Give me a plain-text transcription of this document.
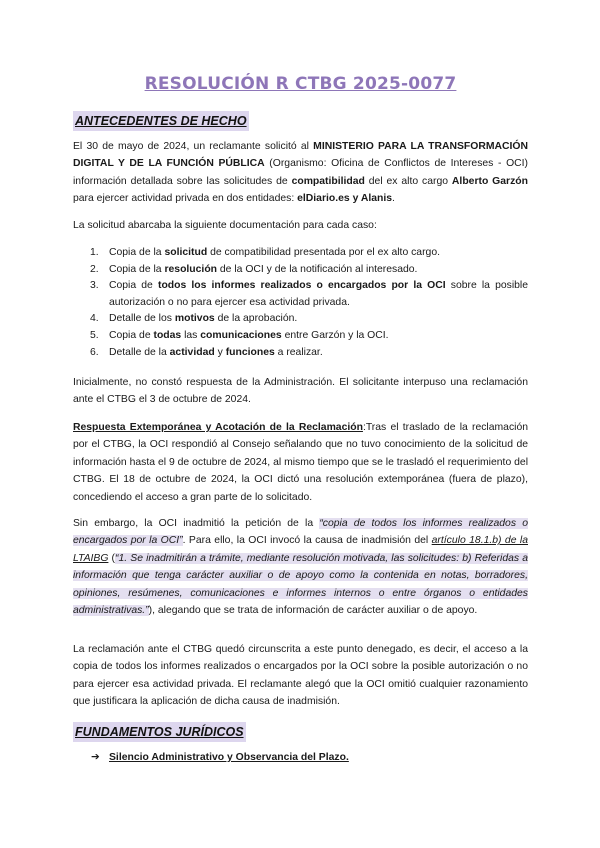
RESOLUCIÓN R CTBG 2025-0077
ANTECEDENTES DE HECHO
El 30 de mayo de 2024, un reclamante solicitó al MINISTERIO PARA LA TRANSFORMACIÓN DIGITAL Y DE LA FUNCIÓN PÚBLICA (Organismo: Oficina de Conflictos de Intereses - OCI) información detallada sobre las solicitudes de compatibilidad del ex alto cargo Alberto Garzón para ejercer actividad privada en dos entidades: elDiario.es y Alanis.
La solicitud abarcaba la siguiente documentación para cada caso:
1. Copia de la solicitud de compatibilidad presentada por el ex alto cargo.
2. Copia de la resolución de la OCI y de la notificación al interesado.
3. Copia de todos los informes realizados o encargados por la OCI sobre la posible autorización o no para ejercer esa actividad privada.
4. Detalle de los motivos de la aprobación.
5. Copia de todas las comunicaciones entre Garzón y la OCI.
6. Detalle de la actividad y funciones a realizar.
Inicialmente, no constó respuesta de la Administración. El solicitante interpuso una reclamación ante el CTBG el 3 de octubre de 2024.
Respuesta Extemporánea y Acotación de la Reclamación:Tras el traslado de la reclamación por el CTBG, la OCI respondió al Consejo señalando que no tuvo conocimiento de la solicitud de información hasta el 9 de octubre de 2024, al mismo tiempo que se le trasladó el requerimiento del CTBG. El 18 de octubre de 2024, la OCI dictó una resolución extemporánea (fuera de plazo), concediendo el acceso a gran parte de lo solicitado.
Sin embargo, la OCI inadmitió la petición de la “copia de todos los informes realizados o encargados por la OCI”. Para ello, la OCI invocó la causa de inadmisión del artículo 18.1.b) de la LTAIBG (“1. Se inadmitirán a trámite, mediante resolución motivada, las solicitudes: b) Referidas a información que tenga carácter auxiliar o de apoyo como la contenida en notas, borradores, opiniones, resúmenes, comunicaciones e informes internos o entre órganos o entidades administrativas.”), alegando que se trata de información de carácter auxiliar o de apoyo.
La reclamación ante el CTBG quedó circunscrita a este punto denegado, es decir, el acceso a la copia de todos los informes realizados o encargados por la OCI sobre la posible autorización o no para ejercer esa actividad privada. El reclamante alegó que la OCI omitió cualquier razonamiento que justificara la aplicación de dicha causa de inadmisión.
FUNDAMENTOS JURÍDICOS
➔ Silencio Administrativo y Observancia del Plazo.
